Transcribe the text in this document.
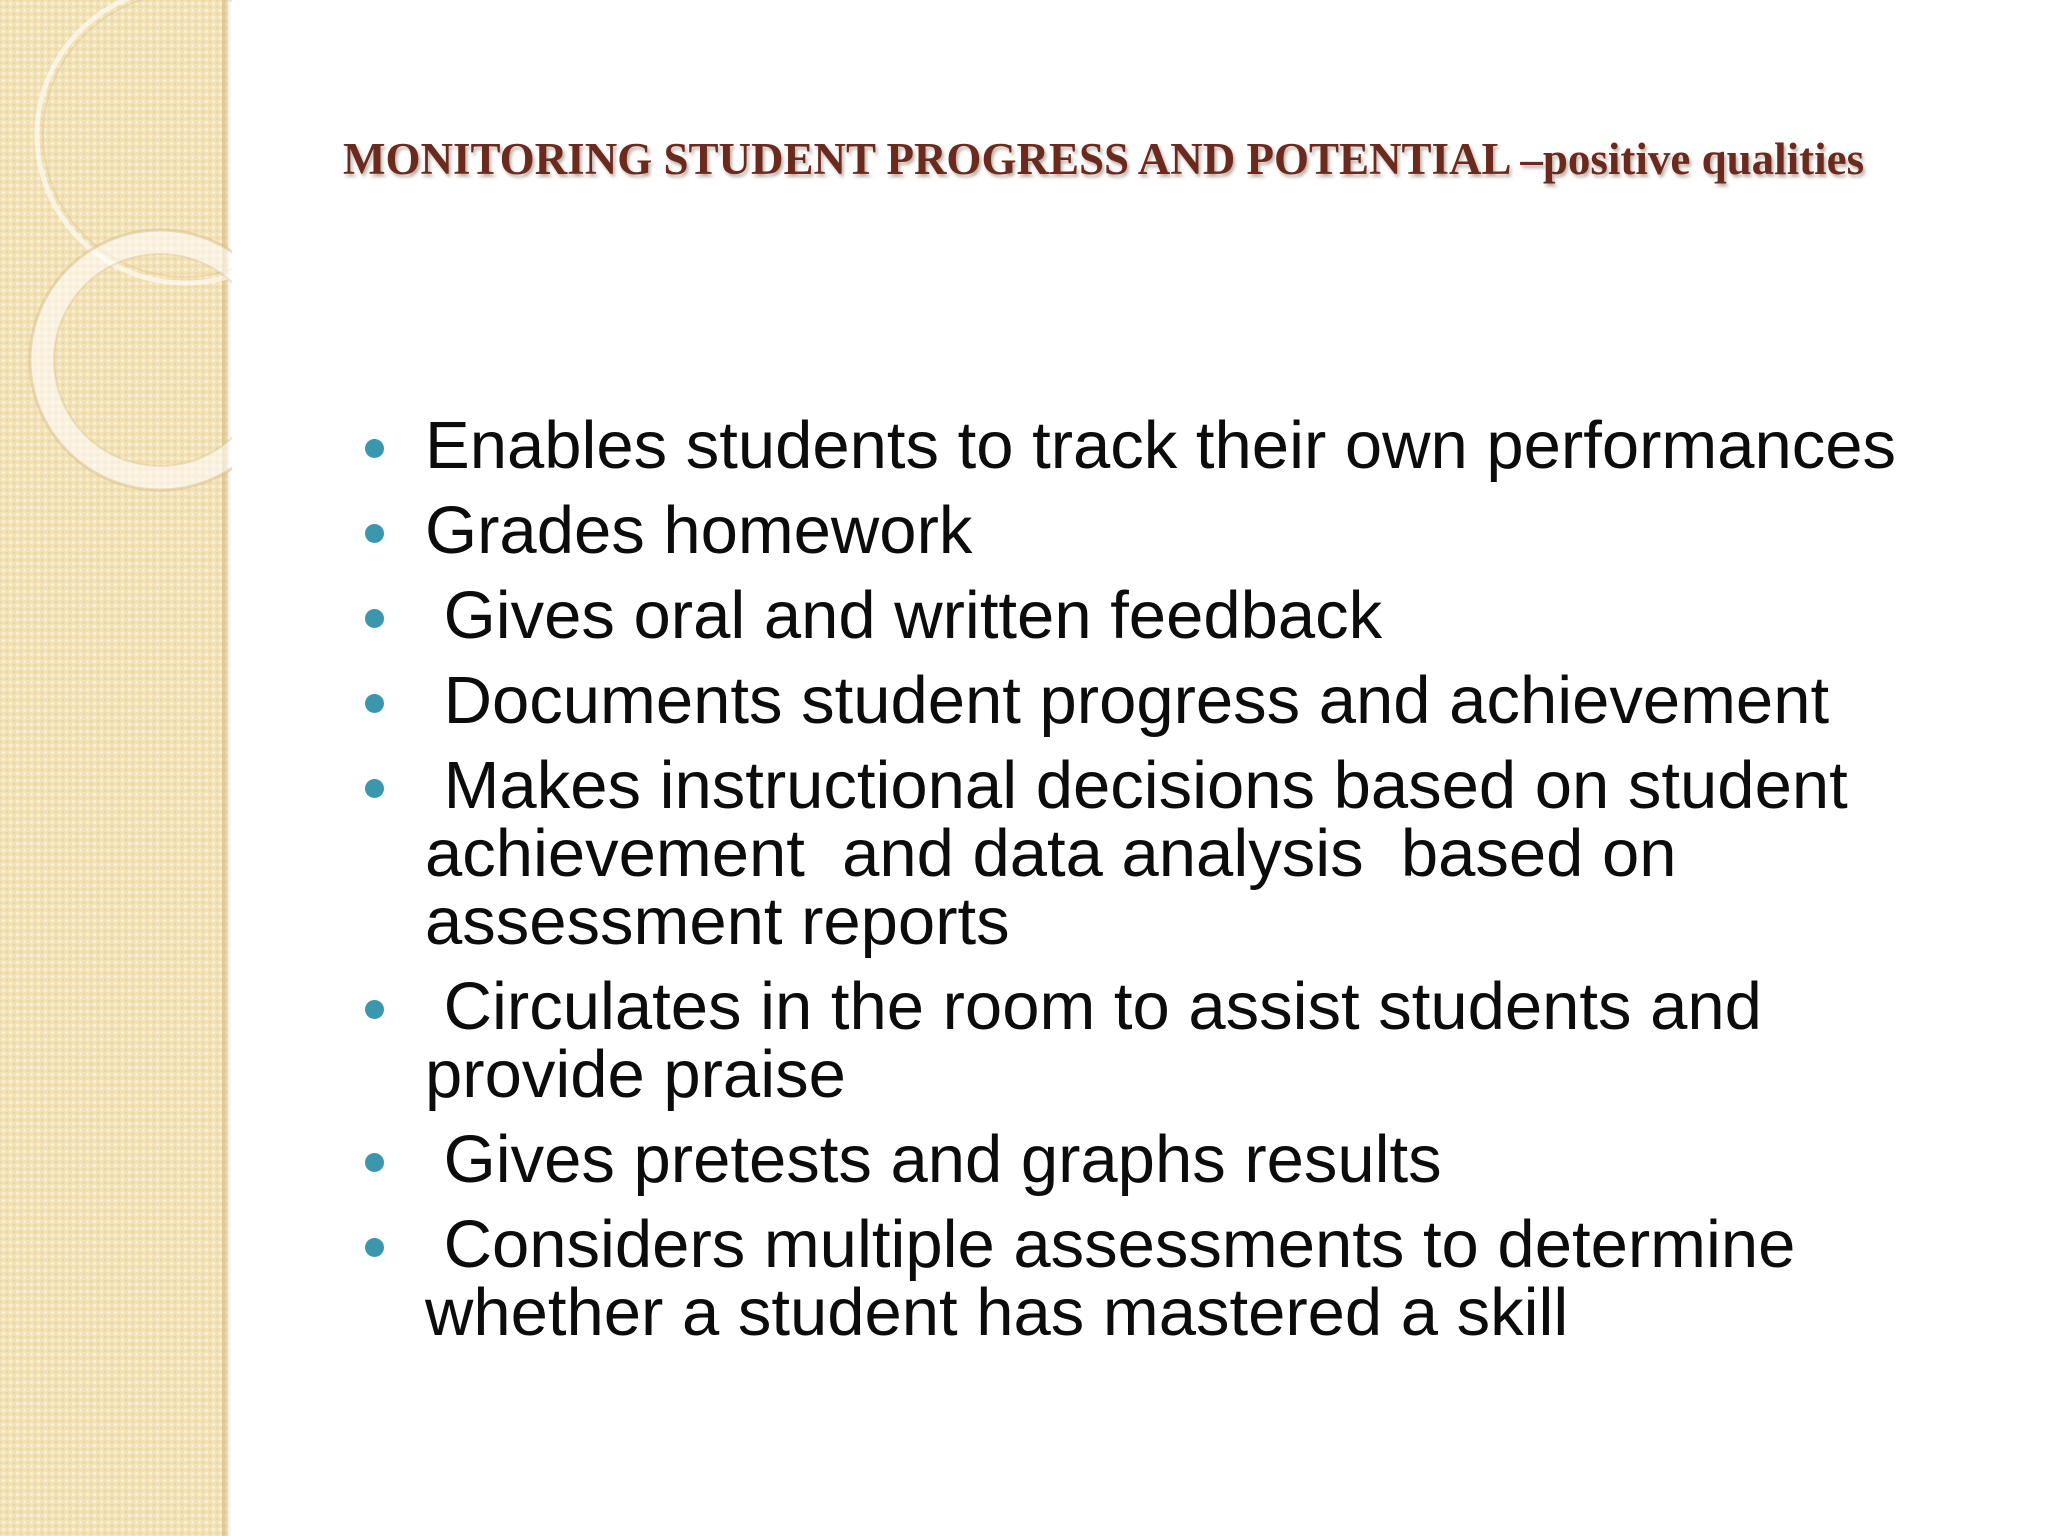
MONITORING STUDENT PROGRESS AND POTENTIAL –positive qualities
Enables students to track their own performances
Grades homework
Gives oral and written feedback
Documents student progress and achievement
Makes instructional decisions based on student achievement  and data analysis  based on assessment reports
Circulates in the room to assist students and provide praise
Gives pretests and graphs results
Considers multiple assessments to determine whether a student has mastered a skill
